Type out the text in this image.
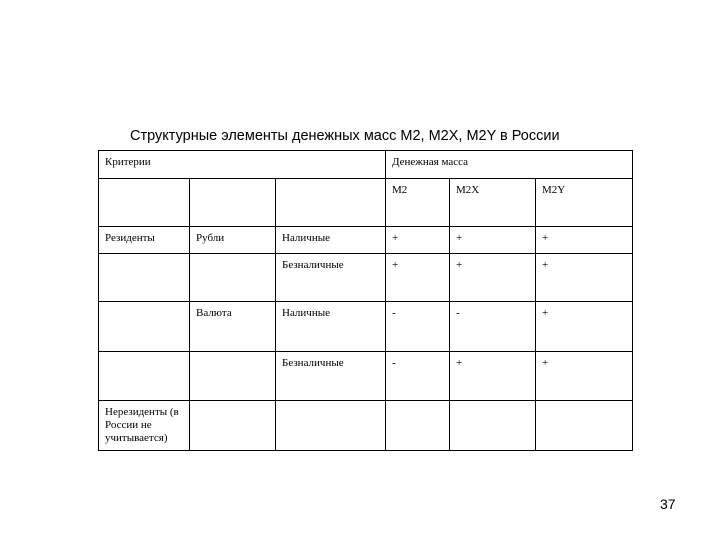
Структурные элементы денежных масс М2, М2Х, М2Y в России
Критерии			Денежная масса		
			М2	М2Х	М2Y
Резиденты	Рубли	Наличные	+	+	+
		Безналичные	+	+	+
	Валюта	Наличные	-	-	+
		Безналичные	-	+	+
Нерезиденты (в России не учитывается)					
37
